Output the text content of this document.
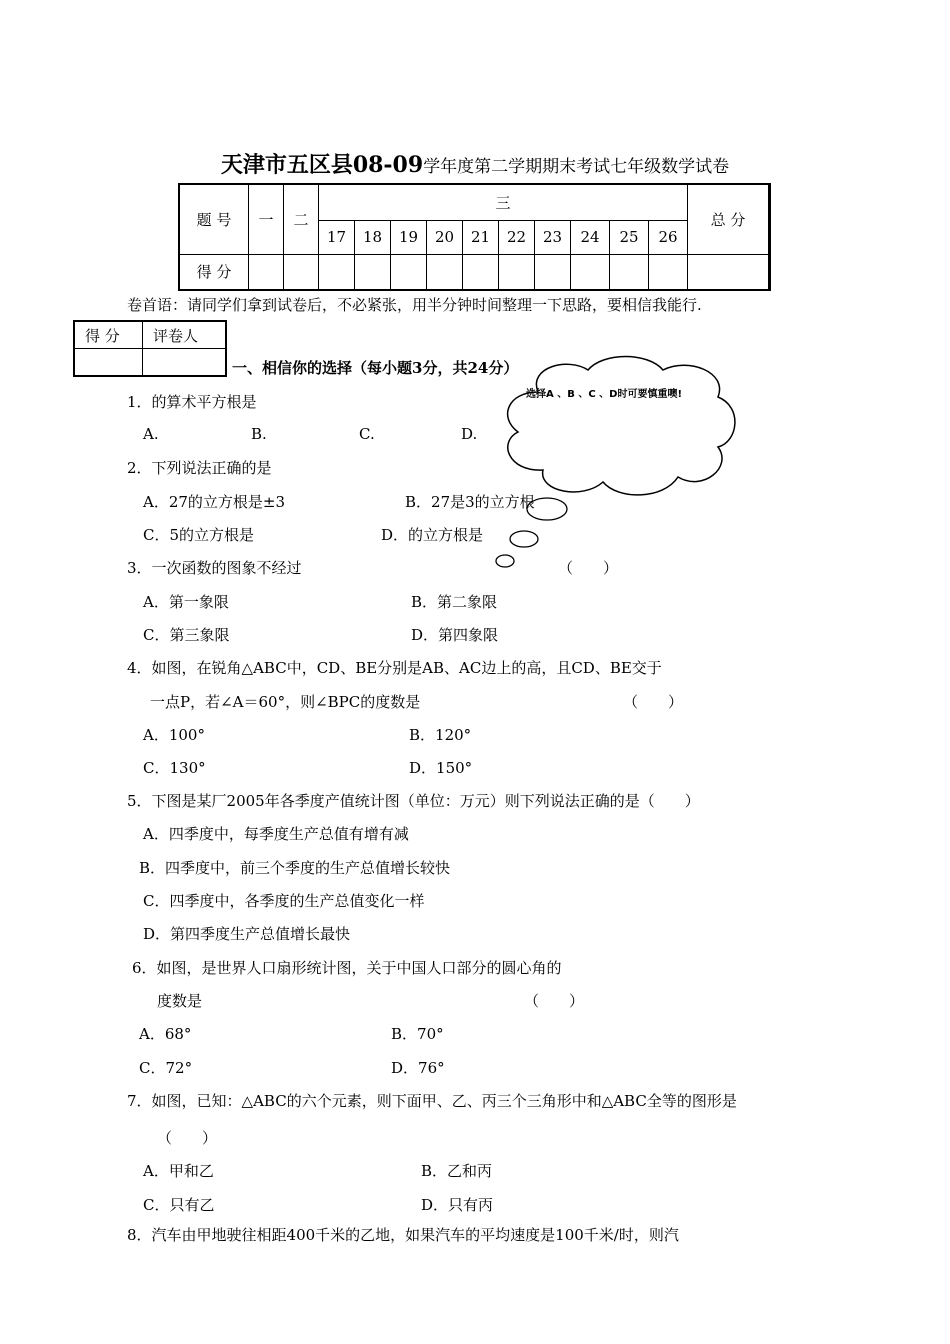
天津市五区县08-09学年度第二学期期末考试七年级数学试卷
题 号	一	二	三										总 分	
			17	18	19	20	21	22	23	24	25	26		
得 分														
卷首语：请同学们拿到试卷后，不必紧张，用半分钟时间整理一下思路，要相信我能行.
得 分	评卷人

一、相信你的选择（每小题3分，共24分）
选择A 、B 、C 、D时可要慎重噢!
1．的算术平方根是
A.	B.	C.	D.
2．下列说法正确的是
A．27的立方根是±3	B．27是3的立方根
C．5的立方根是	D．的立方根是
3．一次函数的图象不经过	（　　）
A．第一象限	B．第二象限
C．第三象限	D．第四象限
4．如图，在锐角△ABC中，CD、BE分别是AB、AC边上的高，且CD、BE交于
一点P，若∠A＝60°，则∠BPC的度数是	（　　）
A．100°	B．120°
C．130°	D．150°
5．下图是某厂2005年各季度产值统计图（单位：万元）则下列说法正确的是（　　）
A．四季度中，每季度生产总值有增有减
B．四季度中，前三个季度的生产总值增长较快
C．四季度中，各季度的生产总值变化一样
D．第四季度生产总值增长最快
6．如图，是世界人口扇形统计图，关于中国人口部分的圆心角的
度数是	（　　）
A．68°	B．70°
C．72°	D．76°
7．如图，已知：△ABC的六个元素，则下面甲、乙、丙三个三角形中和△ABC全等的图形是
（　　）
A．甲和乙	B．乙和丙
C．只有乙	D．只有丙
8．汽车由甲地驶往相距400千米的乙地，如果汽车的平均速度是100千米/时，则汽
